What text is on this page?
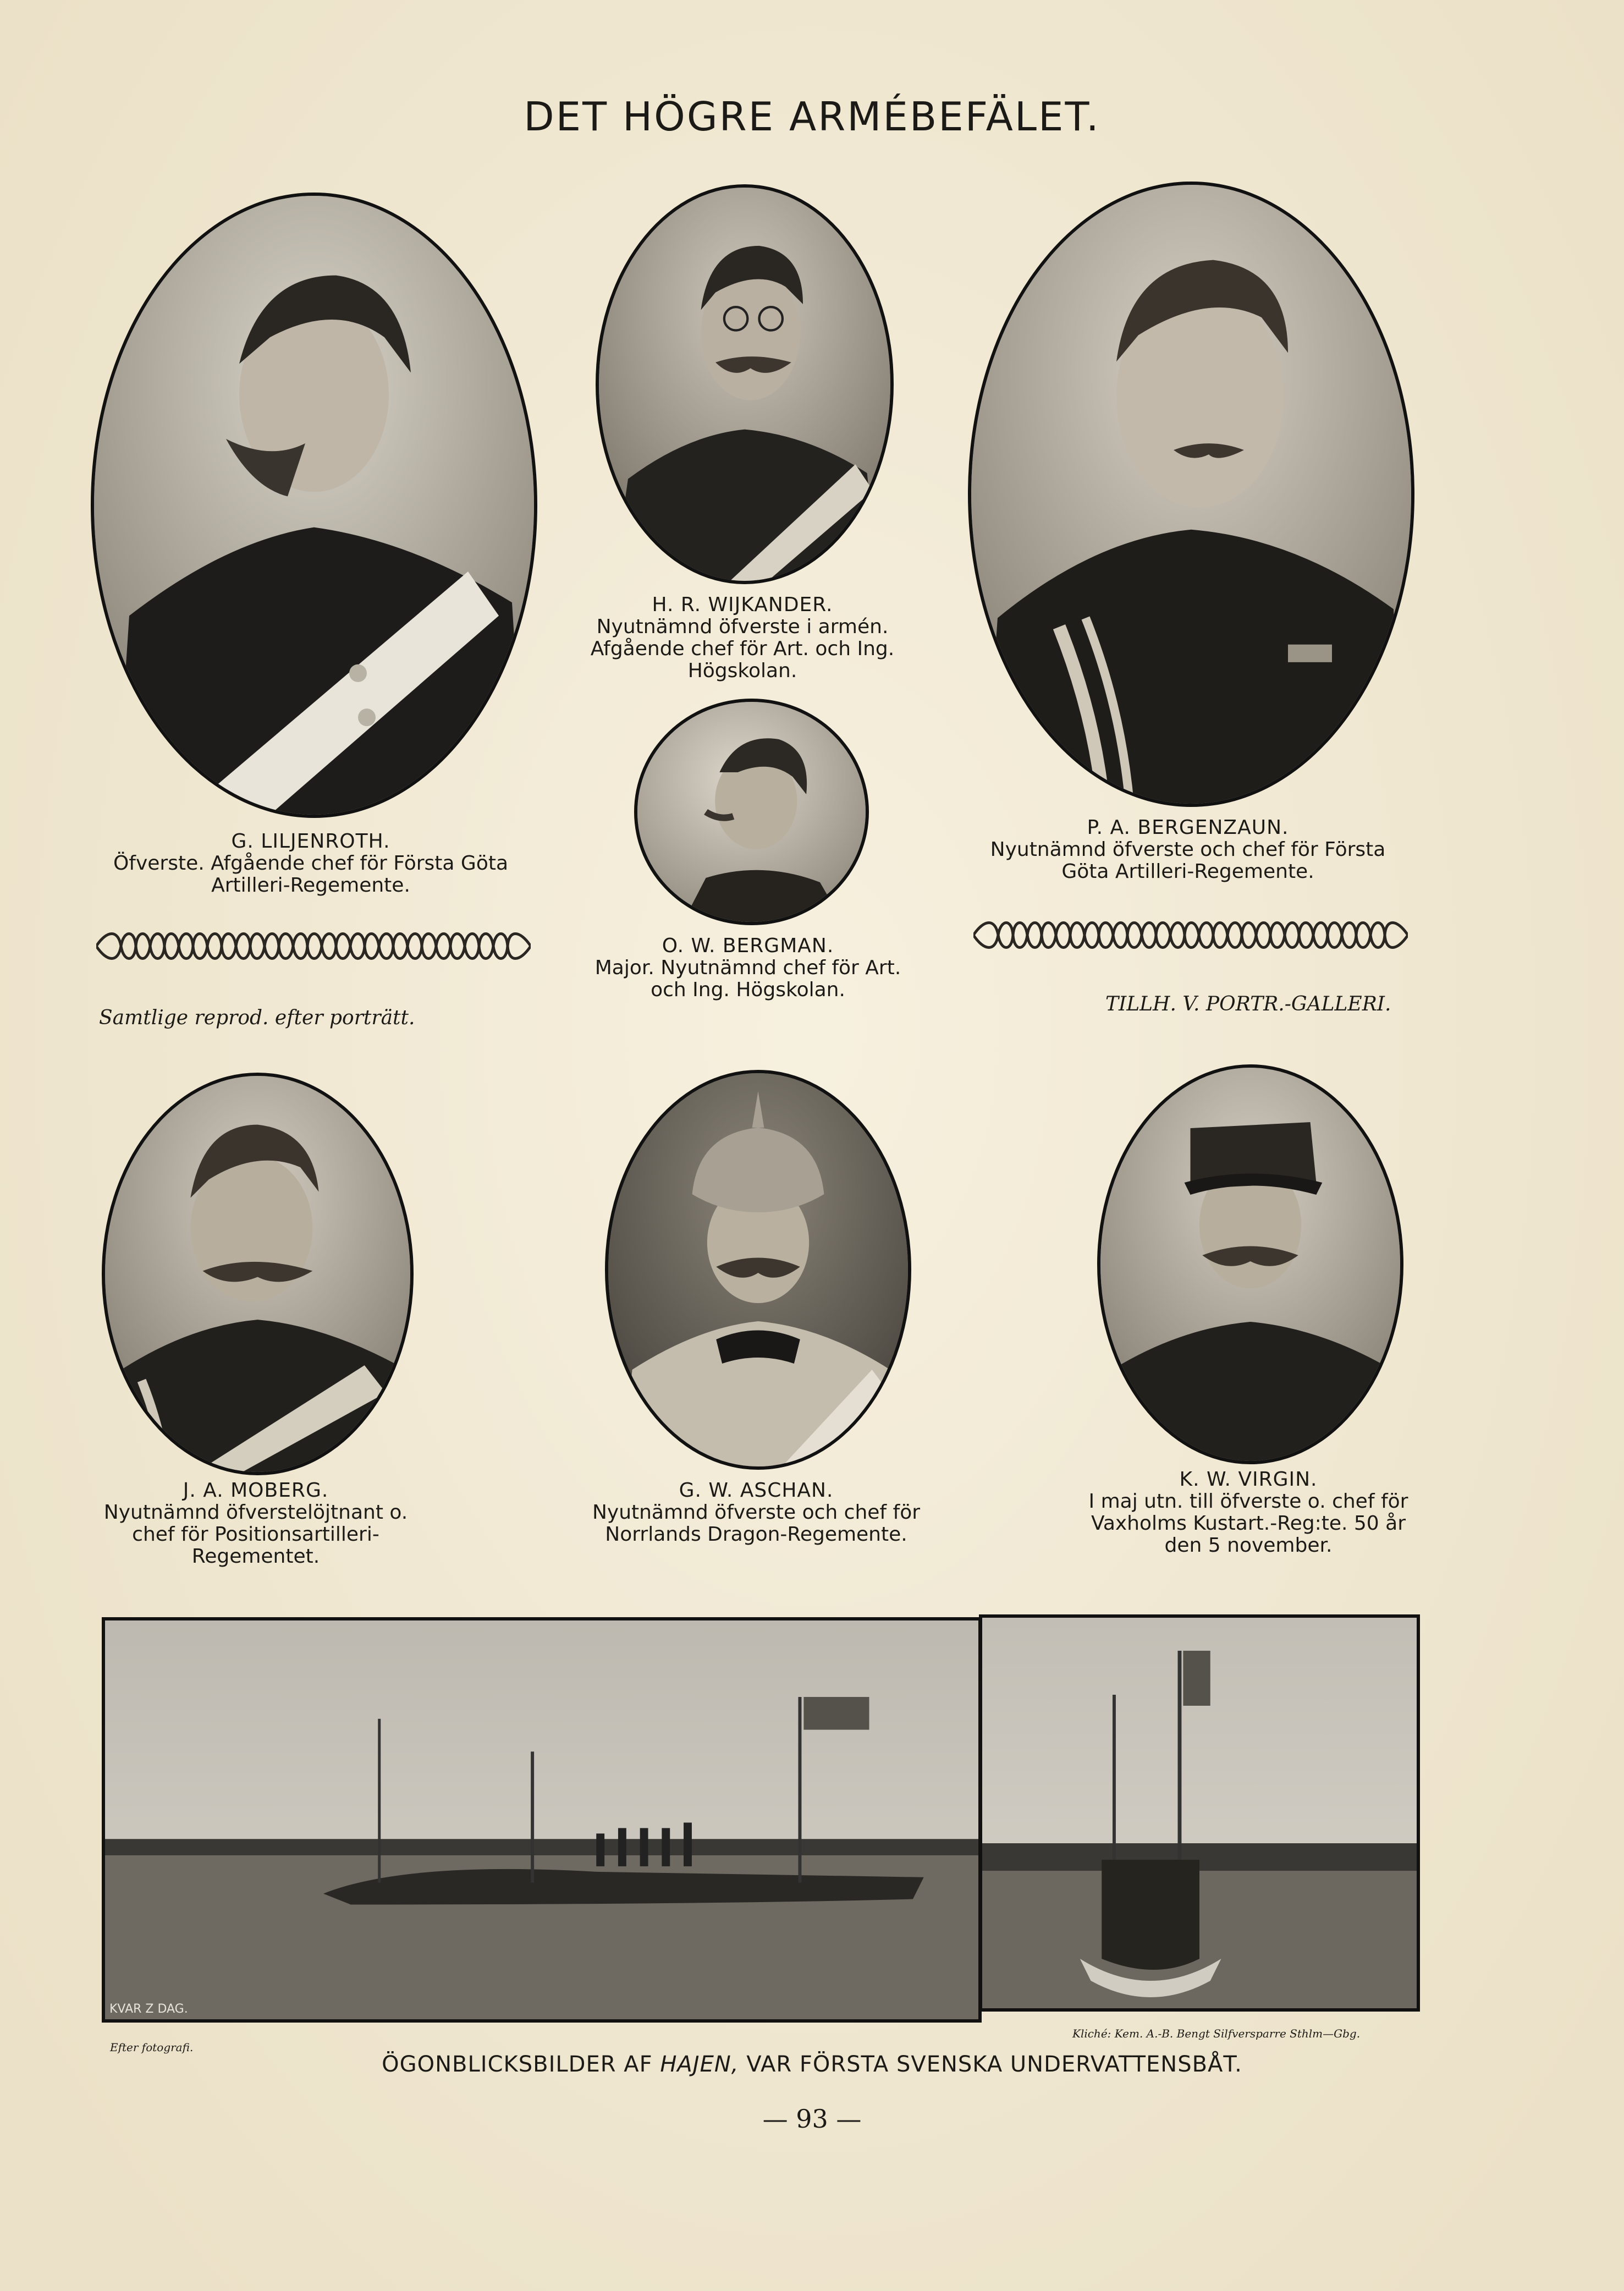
DET HÖGRE ARMÉBEFÄLET.
G. LILJENROTH.
Öfverste. Afgående chef för Första Göta Artilleri-Regemente.
H. R. WIJKANDER.
Nyutnämnd öfverste i armén. Afgående chef för Art. och Ing. Högskolan.
P. A. BERGENZAUN.
Nyutnämnd öfverste och chef för Första Göta Artilleri-Regemente.
O. W. BERGMAN.
Major. Nyutnämnd chef för Art. och Ing. Högskolan.
Samtlige reprod. efter porträtt.
TILLH. V. PORTR.-GALLERI.
J. A. MOBERG.
Nyutnämnd öfverstelöjtnant o. chef för Positionsartilleri-Regementet.
G. W. ASCHAN.
Nyutnämnd öfverste och chef för Norrlands Dragon-Regemente.
K. W. VIRGIN.
I maj utn. till öfverste o. chef för Vaxholms Kustart.-Reg:te. 50 år den 5 november.
KVAR Z DAG.
Efter fotografi.
Kliché: Kem. A.-B. Bengt Silfversparre Sthlm—Gbg.
ÖGONBLICKSBILDER AF HAJEN, VAR FÖRSTA SVENSKA UNDERVATTENSBÅT.
— 93 —
